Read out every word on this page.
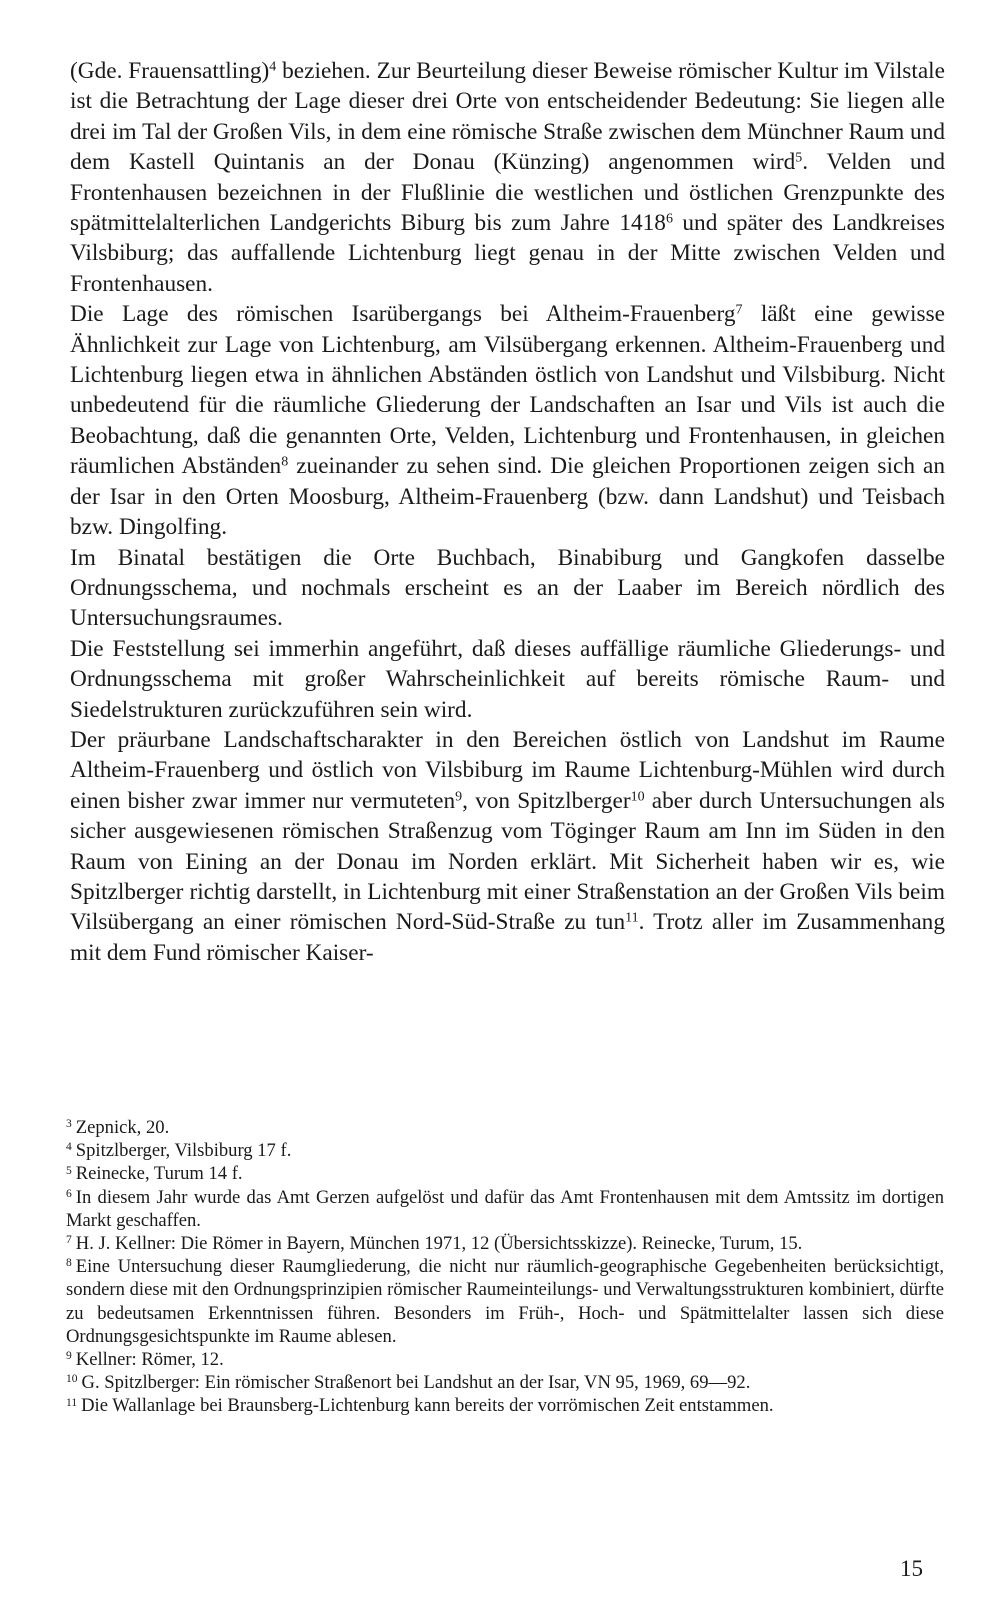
(Gde. Frauensattling)$^4$ beziehen. Zur Beurteilung dieser Beweise römischer Kultur im Vilstale ist die Betrachtung der Lage dieser drei Orte von entscheidender Bedeutung: Sie liegen alle drei im Tal der Großen Vils, in dem eine römische Straße zwischen dem Münchner Raum und dem Kastell Quintanis an der Donau (Künzing) angenommen wird$^5$. Velden und Frontenhausen bezeichnen in der Flußlinie die westlichen und östlichen Grenzpunkte des spätmittelalterlichen Landgerichts Biburg bis zum Jahre 1418$^6$ und später des Landkreises Vilsbiburg; das auffallende Lichtenburg liegt genau in der Mitte zwischen Velden und Frontenhausen.

Die Lage des römischen Isarübergangs bei Altheim-Frauenberg$^7$ läßt eine gewisse Ähnlichkeit zur Lage von Lichtenburg, am Vilsübergang erkennen. Altheim-Frauenberg und Lichtenburg liegen etwa in ähnlichen Abständen östlich von Landshut und Vilsbiburg. Nicht unbedeutend für die räumliche Gliederung der Landschaften an Isar und Vils ist auch die Beobachtung, daß die genannten Orte, Velden, Lichtenburg und Frontenhausen, in gleichen räumlichen Abständen$^8$ zueinander zu sehen sind. Die gleichen Proportionen zeigen sich an der Isar in den Orten Moosburg, Altheim-Frauenberg (bzw. dann Landshut) und Teisbach bzw. Dingolfing.

Im Binatal bestätigen die Orte Buchbach, Binabiburg und Gangkofen dasselbe Ordnungsschema, und nochmals erscheint es an der Laaber im Bereich nördlich des Untersuchungsraumes.

Die Feststellung sei immerhin angeführt, daß dieses auffällige räumliche Gliederungs- und Ordnungsschema mit großer Wahrscheinlichkeit auf bereits römische Raum- und Siedelstrukturen zurückzuführen sein wird.

Der präurbane Landschaftscharakter in den Bereichen östlich von Landshut im Raume Altheim-Frauenberg und östlich von Vilsbiburg im Raume Lichtenburg-Mühlen wird durch einen bisher zwar immer nur vermuteten$^9$, von Spitzlberger$^{10}$ aber durch Untersuchungen als sicher ausgewiesenen römischen Straßenzug vom Töginger Raum am Inn im Süden in den Raum von Eining an der Donau im Norden erklärt. Mit Sicherheit haben wir es, wie Spitzlberger richtig darstellt, in Lichtenburg mit einer Straßenstation an der Großen Vils beim Vilsübergang an einer römischen Nord-Süd-Straße zu tun$^{11}$. Trotz aller im Zusammenhang mit dem Fund römischer Kaiser-

$^3$ Zepnick, 20.

$^4$ Spitzlberger, Vilsbiburg 17 f.

$^5$ Reinecke, Turum 14 f.

$^6$ In diesem Jahr wurde das Amt Gerzen aufgelöst und dafür das Amt Frontenhausen mit dem Amtssitz im dortigen Markt geschaffen.

$^7$ H. J. Kellner: Die Römer in Bayern, München 1971, 12 (Übersichtsskizze). Reinecke, Turum, 15.

$^8$ Eine Untersuchung dieser Raumgliederung, die nicht nur räumlich-geographische Gegebenheiten berücksichtigt, sondern diese mit den Ordnungsprinzipien römischer Raumeinteilungs- und Verwaltungsstrukturen kombiniert, dürfte zu bedeutsamen Erkenntnissen führen. Besonders im Früh-, Hoch- und Spätmittelalter lassen sich diese Ordnungsgesichtspunkte im Raume ablesen.

$^9$ Kellner: Römer, 12.

$^{10}$ G. Spitzlberger: Ein römischer Straßenort bei Landshut an der Isar, VN 95, 1969, 69—92.

$^{11}$ Die Wallanlage bei Braunsberg-Lichtenburg kann bereits der vorrömischen Zeit entstammen.

15
